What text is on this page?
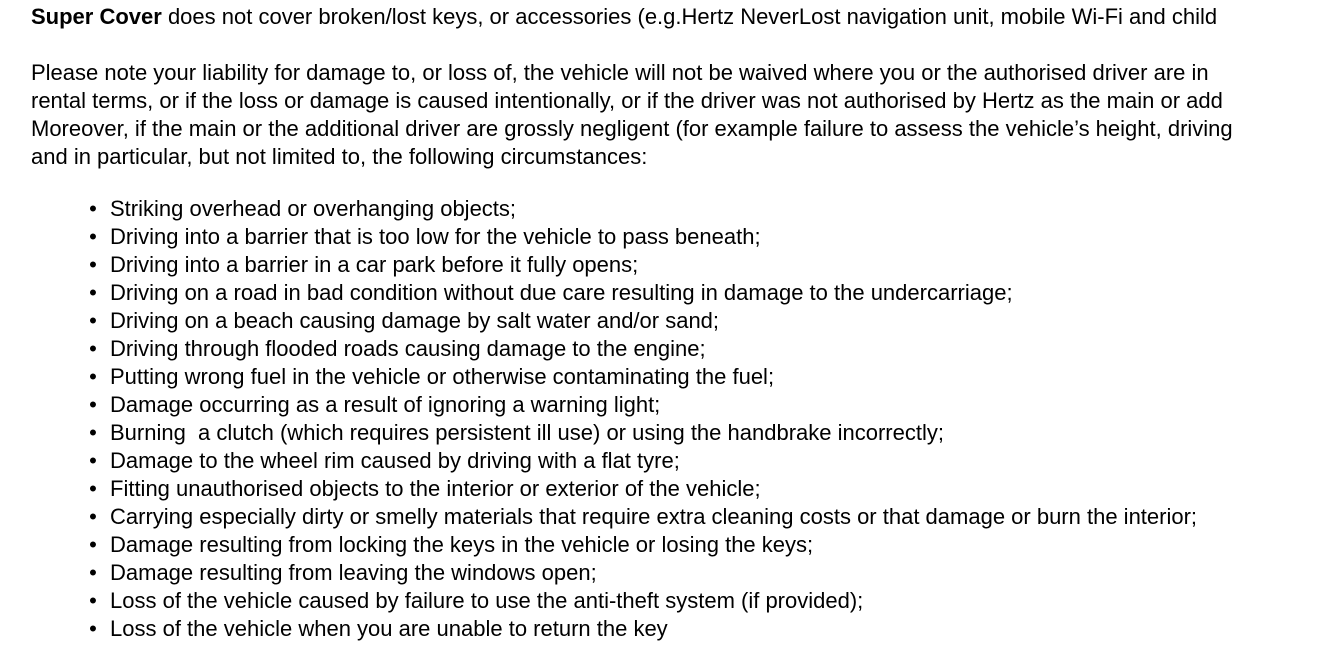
Super Cover does not cover broken/lost keys, or accessories (e.g.Hertz NeverLost navigation unit, mobile Wi-Fi and child

Please note your liability for damage to, or loss of, the vehicle will not be waived where you or the authorised driver are in
rental terms, or if the loss or damage is caused intentionally, or if the driver was not authorised by Hertz as the main or add
Moreover, if the main or the additional driver are grossly negligent (for example failure to assess the vehicle’s height, driving
and in particular, but not limited to, the following circumstances:

• Striking overhead or overhanging objects;
• Driving into a barrier that is too low for the vehicle to pass beneath;
• Driving into a barrier in a car park before it fully opens;
• Driving on a road in bad condition without due care resulting in damage to the undercarriage;
• Driving on a beach causing damage by salt water and/or sand;
• Driving through flooded roads causing damage to the engine;
• Putting wrong fuel in the vehicle or otherwise contaminating the fuel;
• Damage occurring as a result of ignoring a warning light;
• Burning  a clutch (which requires persistent ill use) or using the handbrake incorrectly;
• Damage to the wheel rim caused by driving with a flat tyre;
• Fitting unauthorised objects to the interior or exterior of the vehicle;
• Carrying especially dirty or smelly materials that require extra cleaning costs or that damage or burn the interior;
• Damage resulting from locking the keys in the vehicle or losing the keys;
• Damage resulting from leaving the windows open;
• Loss of the vehicle caused by failure to use the anti-theft system (if provided);
• Loss of the vehicle when you are unable to return the key
